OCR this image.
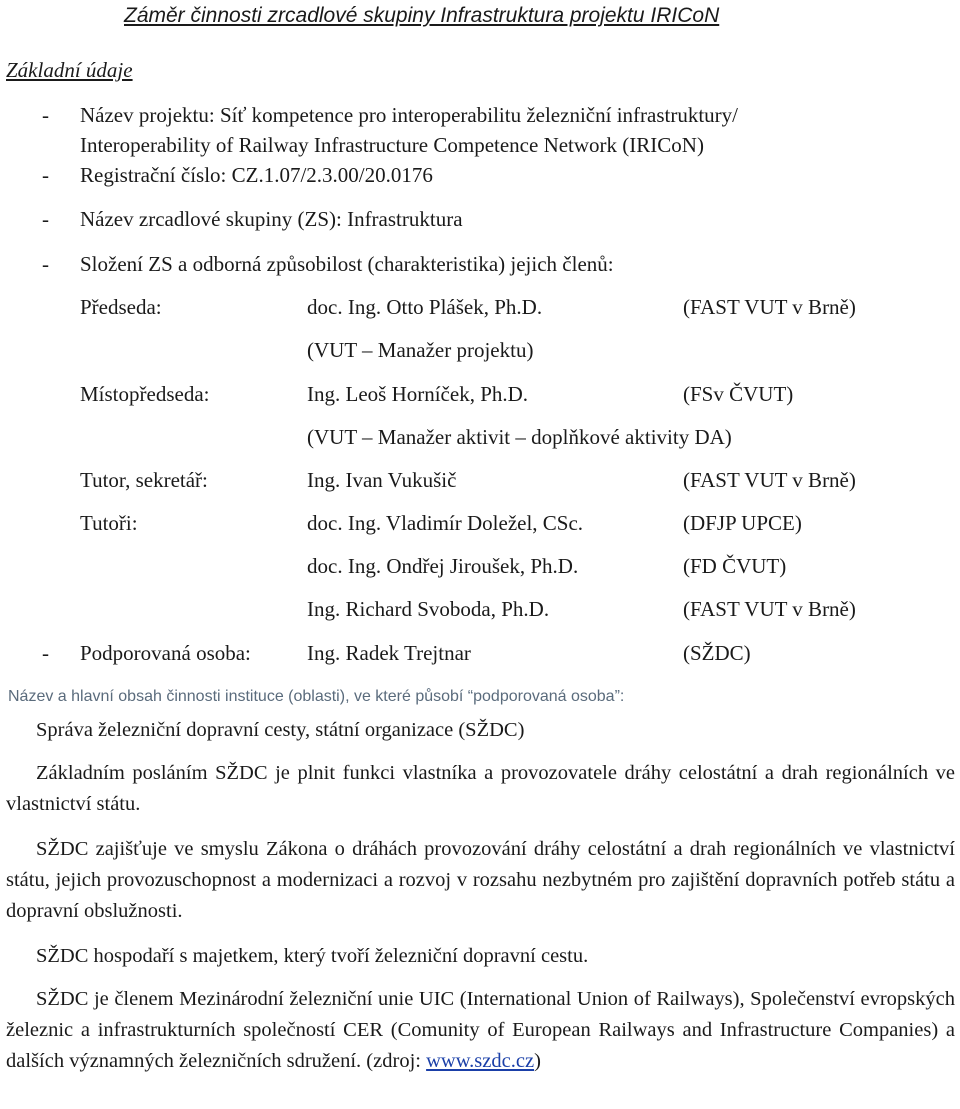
Záměr činnosti zrcadlové skupiny Infrastruktura projektu IRICoN
Základní údaje
- Název projektu: Síť kompetence pro interoperabilitu železniční infrastruktury/
Interoperability of Railway Infrastructure Competence Network (IRICoN)
- Registrační číslo: CZ.1.07/2.3.00/20.0176
- Název zrcadlové skupiny (ZS): Infrastruktura
- Složení ZS a odborná způsobilost (charakteristika) jejich členů:
Předseda:	doc. Ing. Otto Plášek, Ph.D.	(FAST VUT v Brně)
(VUT – Manažer projektu)
Místopředseda:	Ing. Leoš Horníček, Ph.D.	(FSv ČVUT)
(VUT – Manažer aktivit – doplňkové aktivity DA)
Tutor, sekretář:	Ing. Ivan Vukušič	(FAST VUT v Brně)
Tutoři:	doc. Ing. Vladimír Doležel, CSc.	(DFJP UPCE)
doc. Ing. Ondřej Jiroušek, Ph.D.	(FD ČVUT)
Ing. Richard Svoboda, Ph.D.	(FAST VUT v Brně)
- Podporovaná osoba:	Ing. Radek Trejtnar	(SŽDC)
Název a hlavní obsah činnosti instituce (oblasti), ve které působí “podporovaná osoba”:
Správa železniční dopravní cesty, státní organizace (SŽDC)

Základním posláním SŽDC je plnit funkci vlastníka a provozovatele dráhy celostátní a drah regionálních ve vlastnictví státu.

SŽDC zajišťuje ve smyslu Zákona o dráhách provozování dráhy celostátní a drah regionálních ve vlastnictví státu, jejich provozuschopnost a modernizaci a rozvoj v rozsahu nezbytném pro zajištění dopravních potřeb státu a dopravní obslužnosti.

SŽDC hospodaří s majetkem, který tvoří železniční dopravní cestu.

SŽDC je členem Mezinárodní železniční unie UIC (International Union of Railways), Společenství evropských železnic a infrastrukturních společností CER (Comunity of European Railways and Infrastructure Companies) a dalších významných železničních sdružení. (zdroj: www.szdc.cz)
